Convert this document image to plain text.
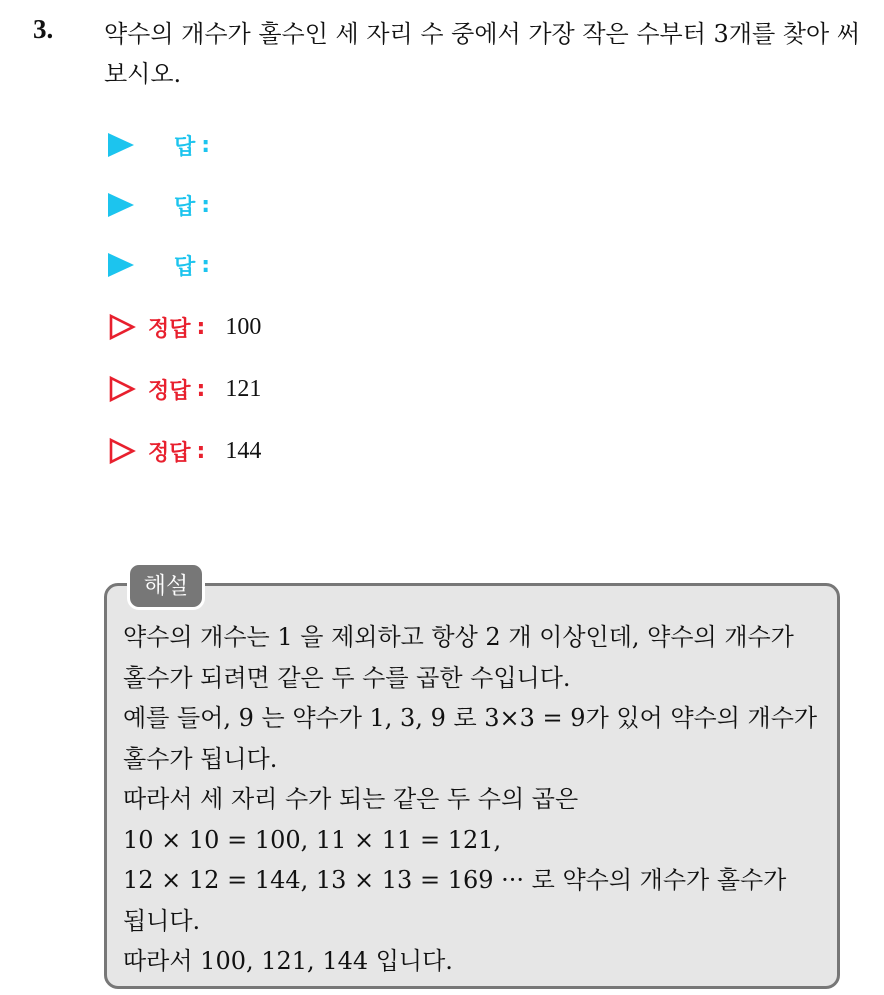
3. 약수의 개수가 홀수인 세 자리 수 중에서 가장 작은 수부터 3개를 찾아 써 보시오.
답 :
답 :
답 :
정답 : 100
정답 : 121
정답 : 144
해설
약수의 개수는 1 을 제외하고 항상 2 개 이상인데, 약수의 개수가
홀수가 되려면 같은 두 수를 곱한 수입니다.
예를 들어, 9 는 약수가 1, 3, 9 로 3×3 = 9가 있어 약수의 개수가
홀수가 됩니다.
따라서 세 자리 수가 되는 같은 두 수의 곱은
10 × 10 = 100, 11 × 11 = 121,
12 × 12 = 144, 13 × 13 = 169 ··· 로 약수의 개수가 홀수가
됩니다.
따라서 100, 121, 144 입니다.
